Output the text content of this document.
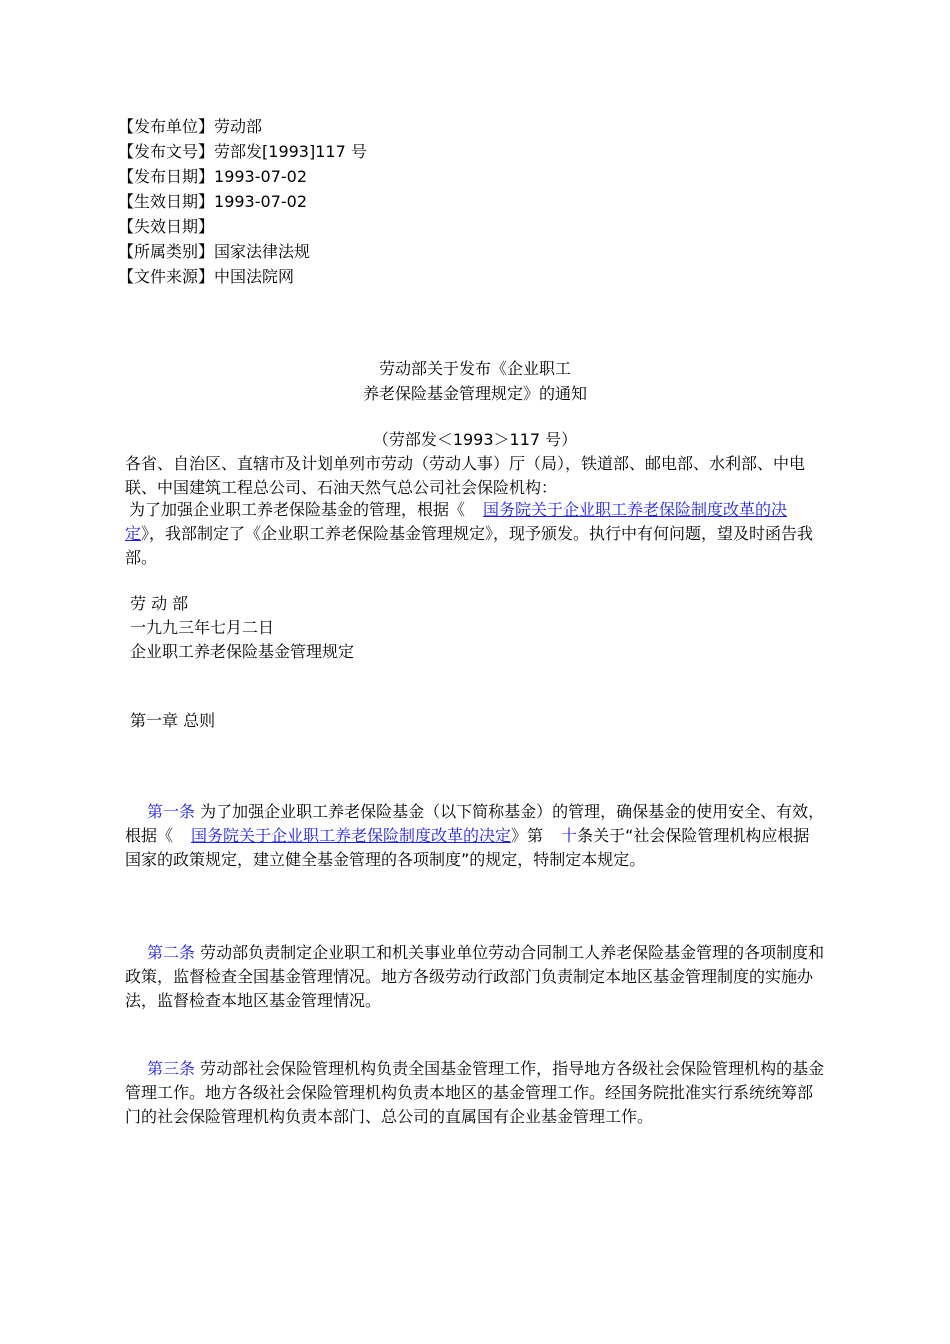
【发布单位】劳动部
【发布文号】劳部发[1993]117 号
【发布日期】1993-07-02
【生效日期】1993-07-02
【失效日期】
【所属类别】国家法律法规
【文件来源】中国法院网
劳动部关于发布《企业职工
养老保险基金管理规定》的通知
（劳部发＜1993＞117 号）
各省、自治区、直辖市及计划单列市劳动（劳动人事）厅（局），铁道部、邮电部、水利部、中电联、中国建筑工程总公司、石油天然气总公司社会保险机构：
为了加强企业职工养老保险基金的管理，根据《 国务院关于企业职工养老保险制度改革的决定》，我部制定了《企业职工养老保险基金管理规定》，现予颁发。执行中有何问题，望及时函告我部。
劳 动 部
一九九三年七月二日
企业职工养老保险基金管理规定
第一章 总则
第一条 为了加强企业职工养老保险基金（以下简称基金）的管理，确保基金的使用安全、有效，根据《 国务院关于企业职工养老保险制度改革的决定》第 十条关于“社会保险管理机构应根据国家的政策规定，建立健全基金管理的各项制度”的规定，特制定本规定。
第二条 劳动部负责制定企业职工和机关事业单位劳动合同制工人养老保险基金管理的各项制度和政策，监督检查全国基金管理情况。地方各级劳动行政部门负责制定本地区基金管理制度的实施办法，监督检查本地区基金管理情况。
第三条 劳动部社会保险管理机构负责全国基金管理工作，指导地方各级社会保险管理机构的基金管理工作。地方各级社会保险管理机构负责本地区的基金管理工作。经国务院批准实行系统统筹部门的社会保险管理机构负责本部门、总公司的直属国有企业基金管理工作。
